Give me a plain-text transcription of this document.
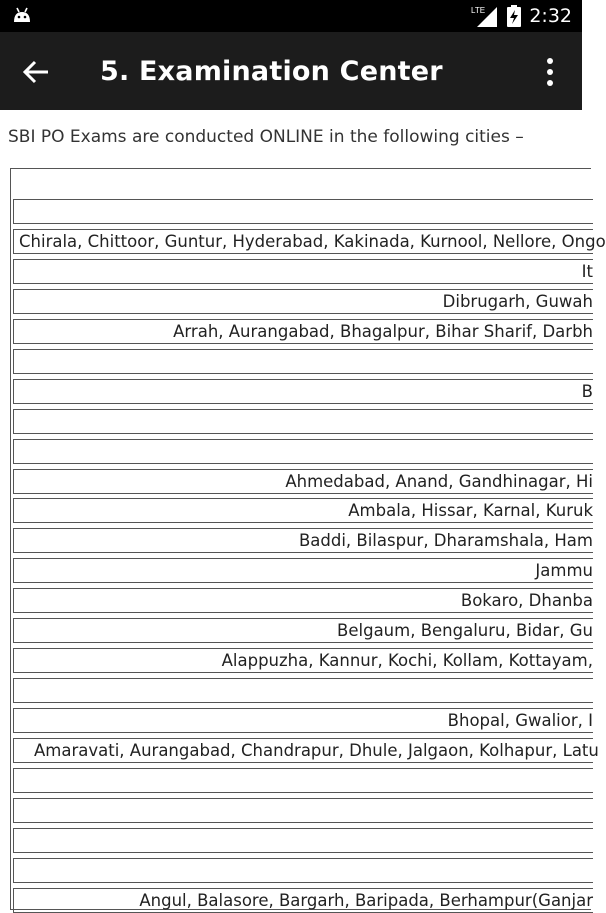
LTE 2:32
5. Examination Center
SBI PO Exams are conducted ONLINE in the following cities –
Chirala, Chittoor, Guntur, Hyderabad, Kakinada, Kurnool, Nellore, Ongo
It
Dibrugarh, Guwah
Arrah, Aurangabad, Bhagalpur, Bihar Sharif, Darbh
B
Ahmedabad, Anand, Gandhinagar, Hi
Ambala, Hissar, Karnal, Kuruk
Baddi, Bilaspur, Dharamshala, Ham
Jammu
Bokaro, Dhanba
Belgaum, Bengaluru, Bidar, Gu
Alappuzha, Kannur, Kochi, Kollam, Kottayam,
Bhopal, Gwalior, I
Amaravati, Aurangabad, Chandrapur, Dhule, Jalgaon, Kolhapur, Latu
Angul, Balasore, Bargarh, Baripada, Berhampur(Ganjar
